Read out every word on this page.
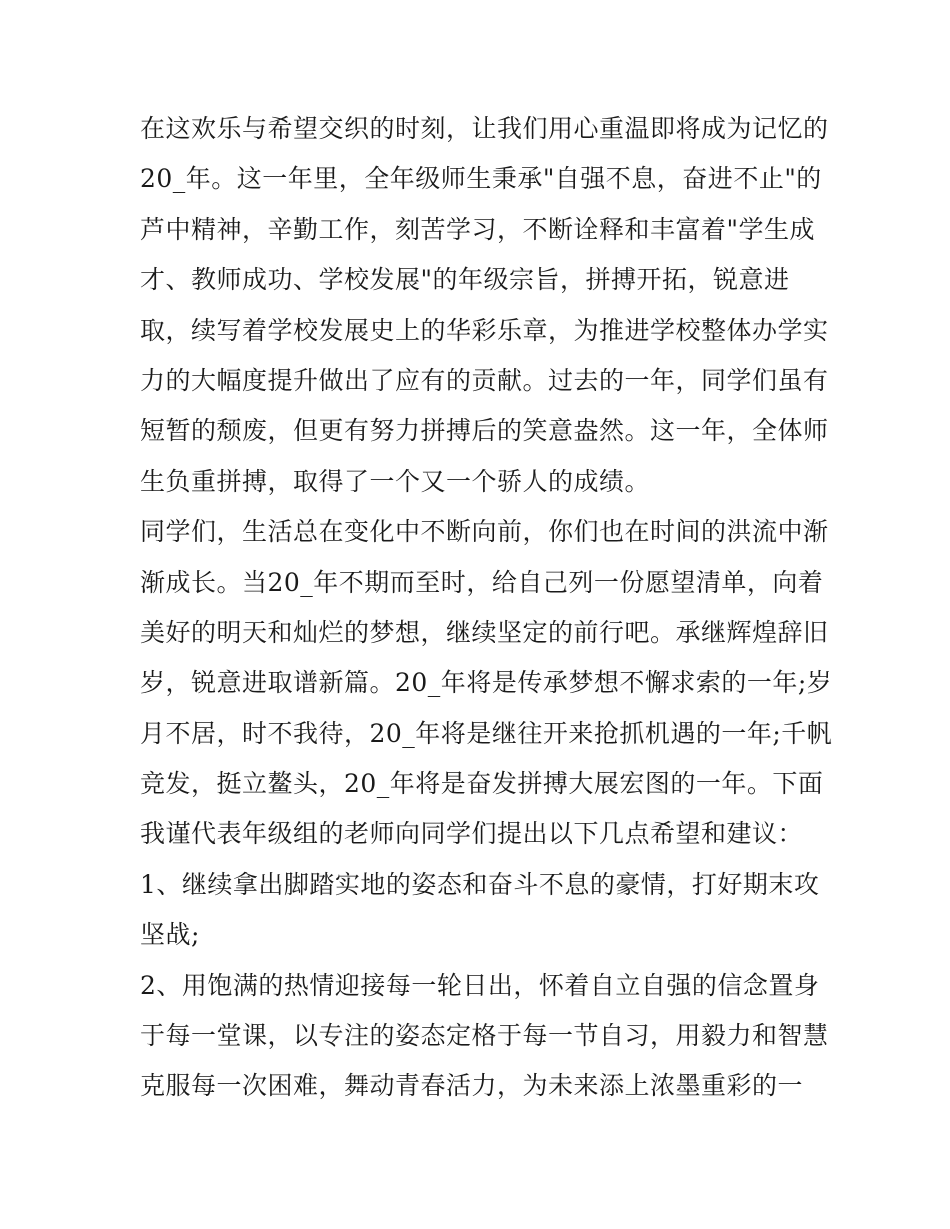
在这欢乐与希望交织的时刻，让我们用心重温即将成为记忆的
20_年。这一年里，全年级师生秉承"自强不息，奋进不止"的
芦中精神，辛勤工作，刻苦学习，不断诠释和丰富着"学生成
才、教师成功、学校发展"的年级宗旨，拼搏开拓，锐意进
取，续写着学校发展史上的华彩乐章，为推进学校整体办学实
力的大幅度提升做出了应有的贡献。过去的一年，同学们虽有
短暂的颓废，但更有努力拼搏后的笑意盎然。这一年，全体师
生负重拼搏，取得了一个又一个骄人的成绩。
同学们，生活总在变化中不断向前，你们也在时间的洪流中渐
渐成长。当20_年不期而至时，给自己列一份愿望清单，向着
美好的明天和灿烂的梦想，继续坚定的前行吧。承继辉煌辞旧
岁，锐意进取谱新篇。20_年将是传承梦想不懈求索的一年;岁
月不居，时不我待，20_年将是继往开来抢抓机遇的一年;千帆
竞发，挺立鳌头，20_年将是奋发拼搏大展宏图的一年。下面
我谨代表年级组的老师向同学们提出以下几点希望和建议：
1、继续拿出脚踏实地的姿态和奋斗不息的豪情，打好期末攻
坚战;
2、用饱满的热情迎接每一轮日出，怀着自立自强的信念置身
于每一堂课，以专注的姿态定格于每一节自习，用毅力和智慧
克服每一次困难，舞动青春活力，为未来添上浓墨重彩的一
